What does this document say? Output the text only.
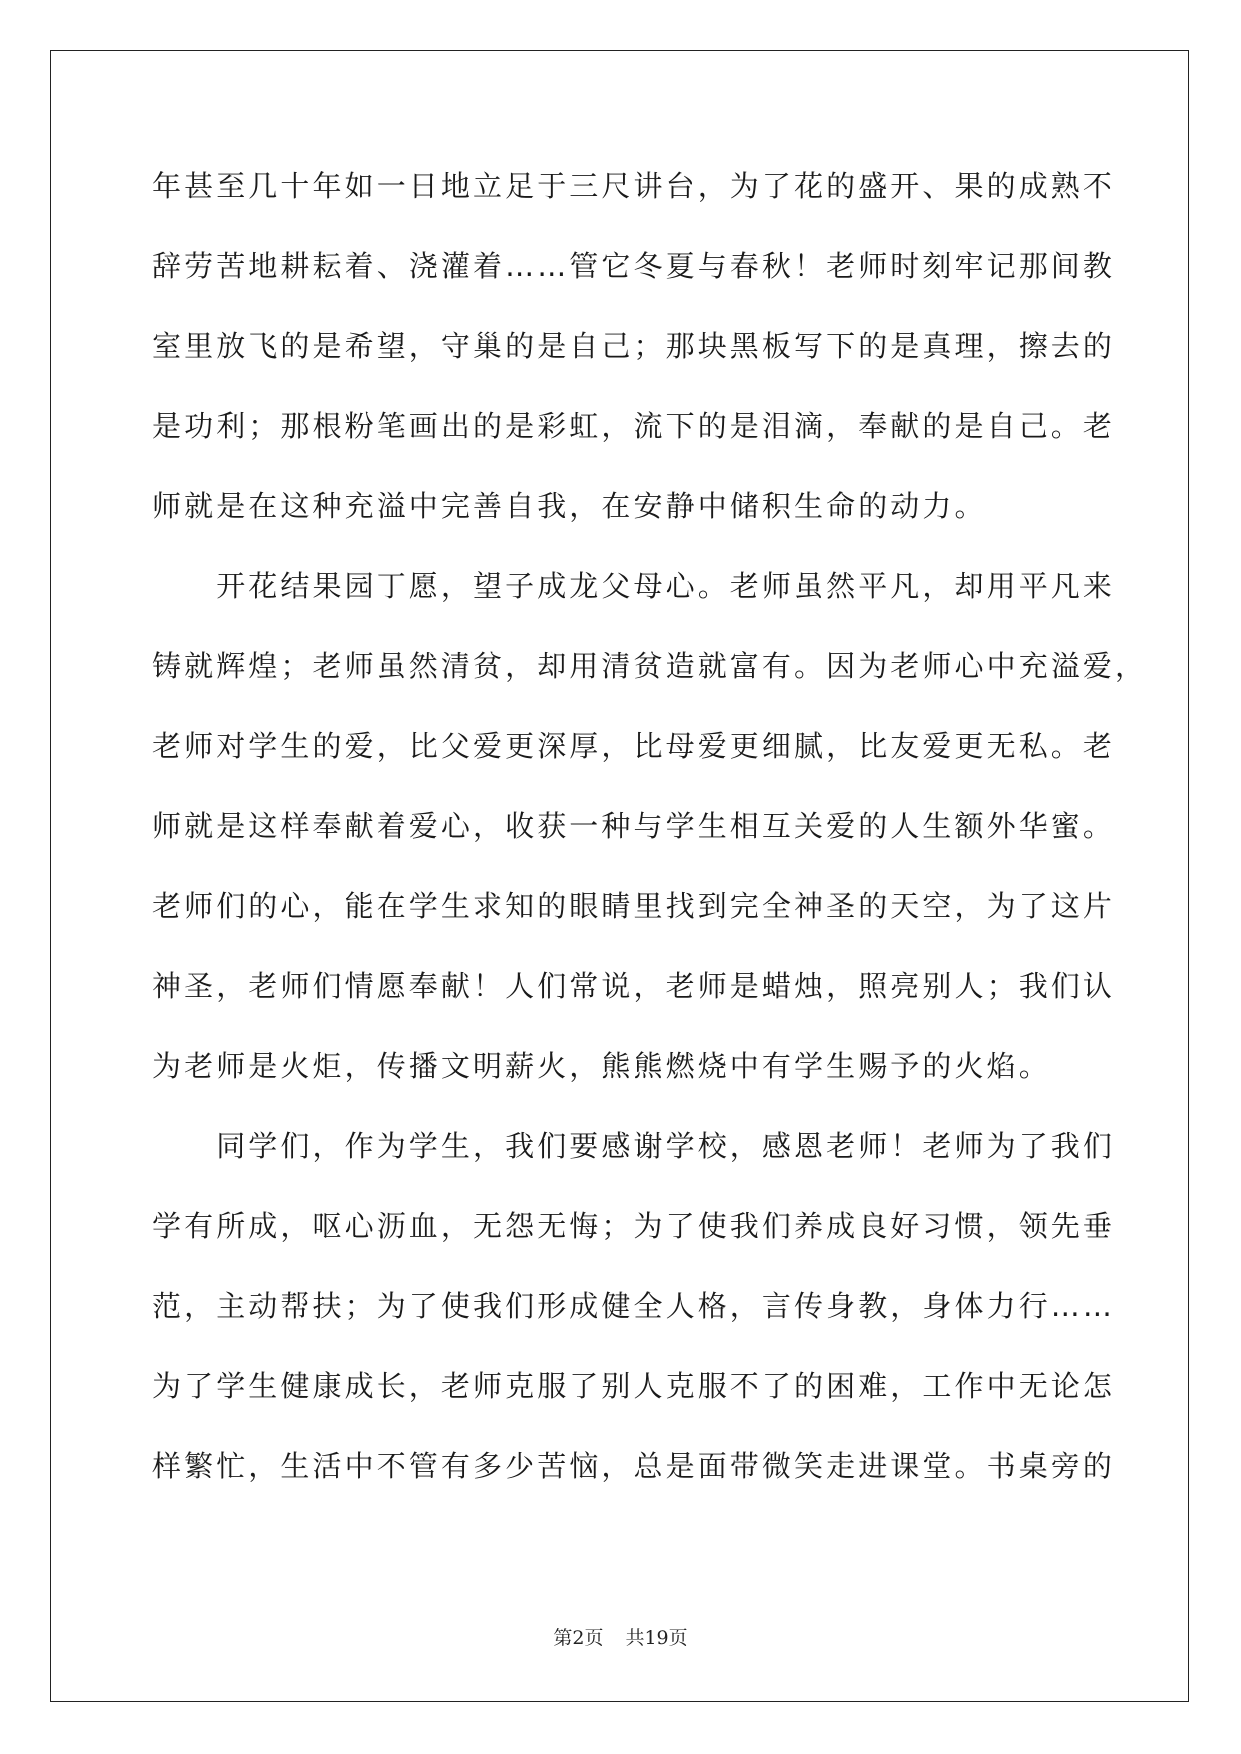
年甚至几十年如一日地立足于三尺讲台，为了花的盛开、果的成熟不
辞劳苦地耕耘着、浇灌着……管它冬夏与春秋！老师时刻牢记那间教
室里放飞的是希望，守巢的是自己；那块黑板写下的是真理，擦去的
是功利；那根粉笔画出的是彩虹，流下的是泪滴，奉献的是自己。老
师就是在这种充溢中完善自我，在安静中储积生命的动力。
　　开花结果园丁愿，望子成龙父母心。老师虽然平凡，却用平凡来
铸就辉煌；老师虽然清贫，却用清贫造就富有。因为老师心中充溢爱，
老师对学生的爱，比父爱更深厚，比母爱更细腻，比友爱更无私。老
师就是这样奉献着爱心，收获一种与学生相互关爱的人生额外华蜜。
老师们的心，能在学生求知的眼睛里找到完全神圣的天空，为了这片
神圣，老师们情愿奉献！人们常说，老师是蜡烛，照亮别人；我们认
为老师是火炬，传播文明薪火，熊熊燃烧中有学生赐予的火焰。
　　同学们，作为学生，我们要感谢学校，感恩老师！老师为了我们
学有所成，呕心沥血，无怨无悔；为了使我们养成良好习惯，领先垂
范，主动帮扶；为了使我们形成健全人格，言传身教，身体力行……
为了学生健康成长，老师克服了别人克服不了的困难，工作中无论怎
样繁忙，生活中不管有多少苦恼，总是面带微笑走进课堂。书桌旁的
第2页 共19页
